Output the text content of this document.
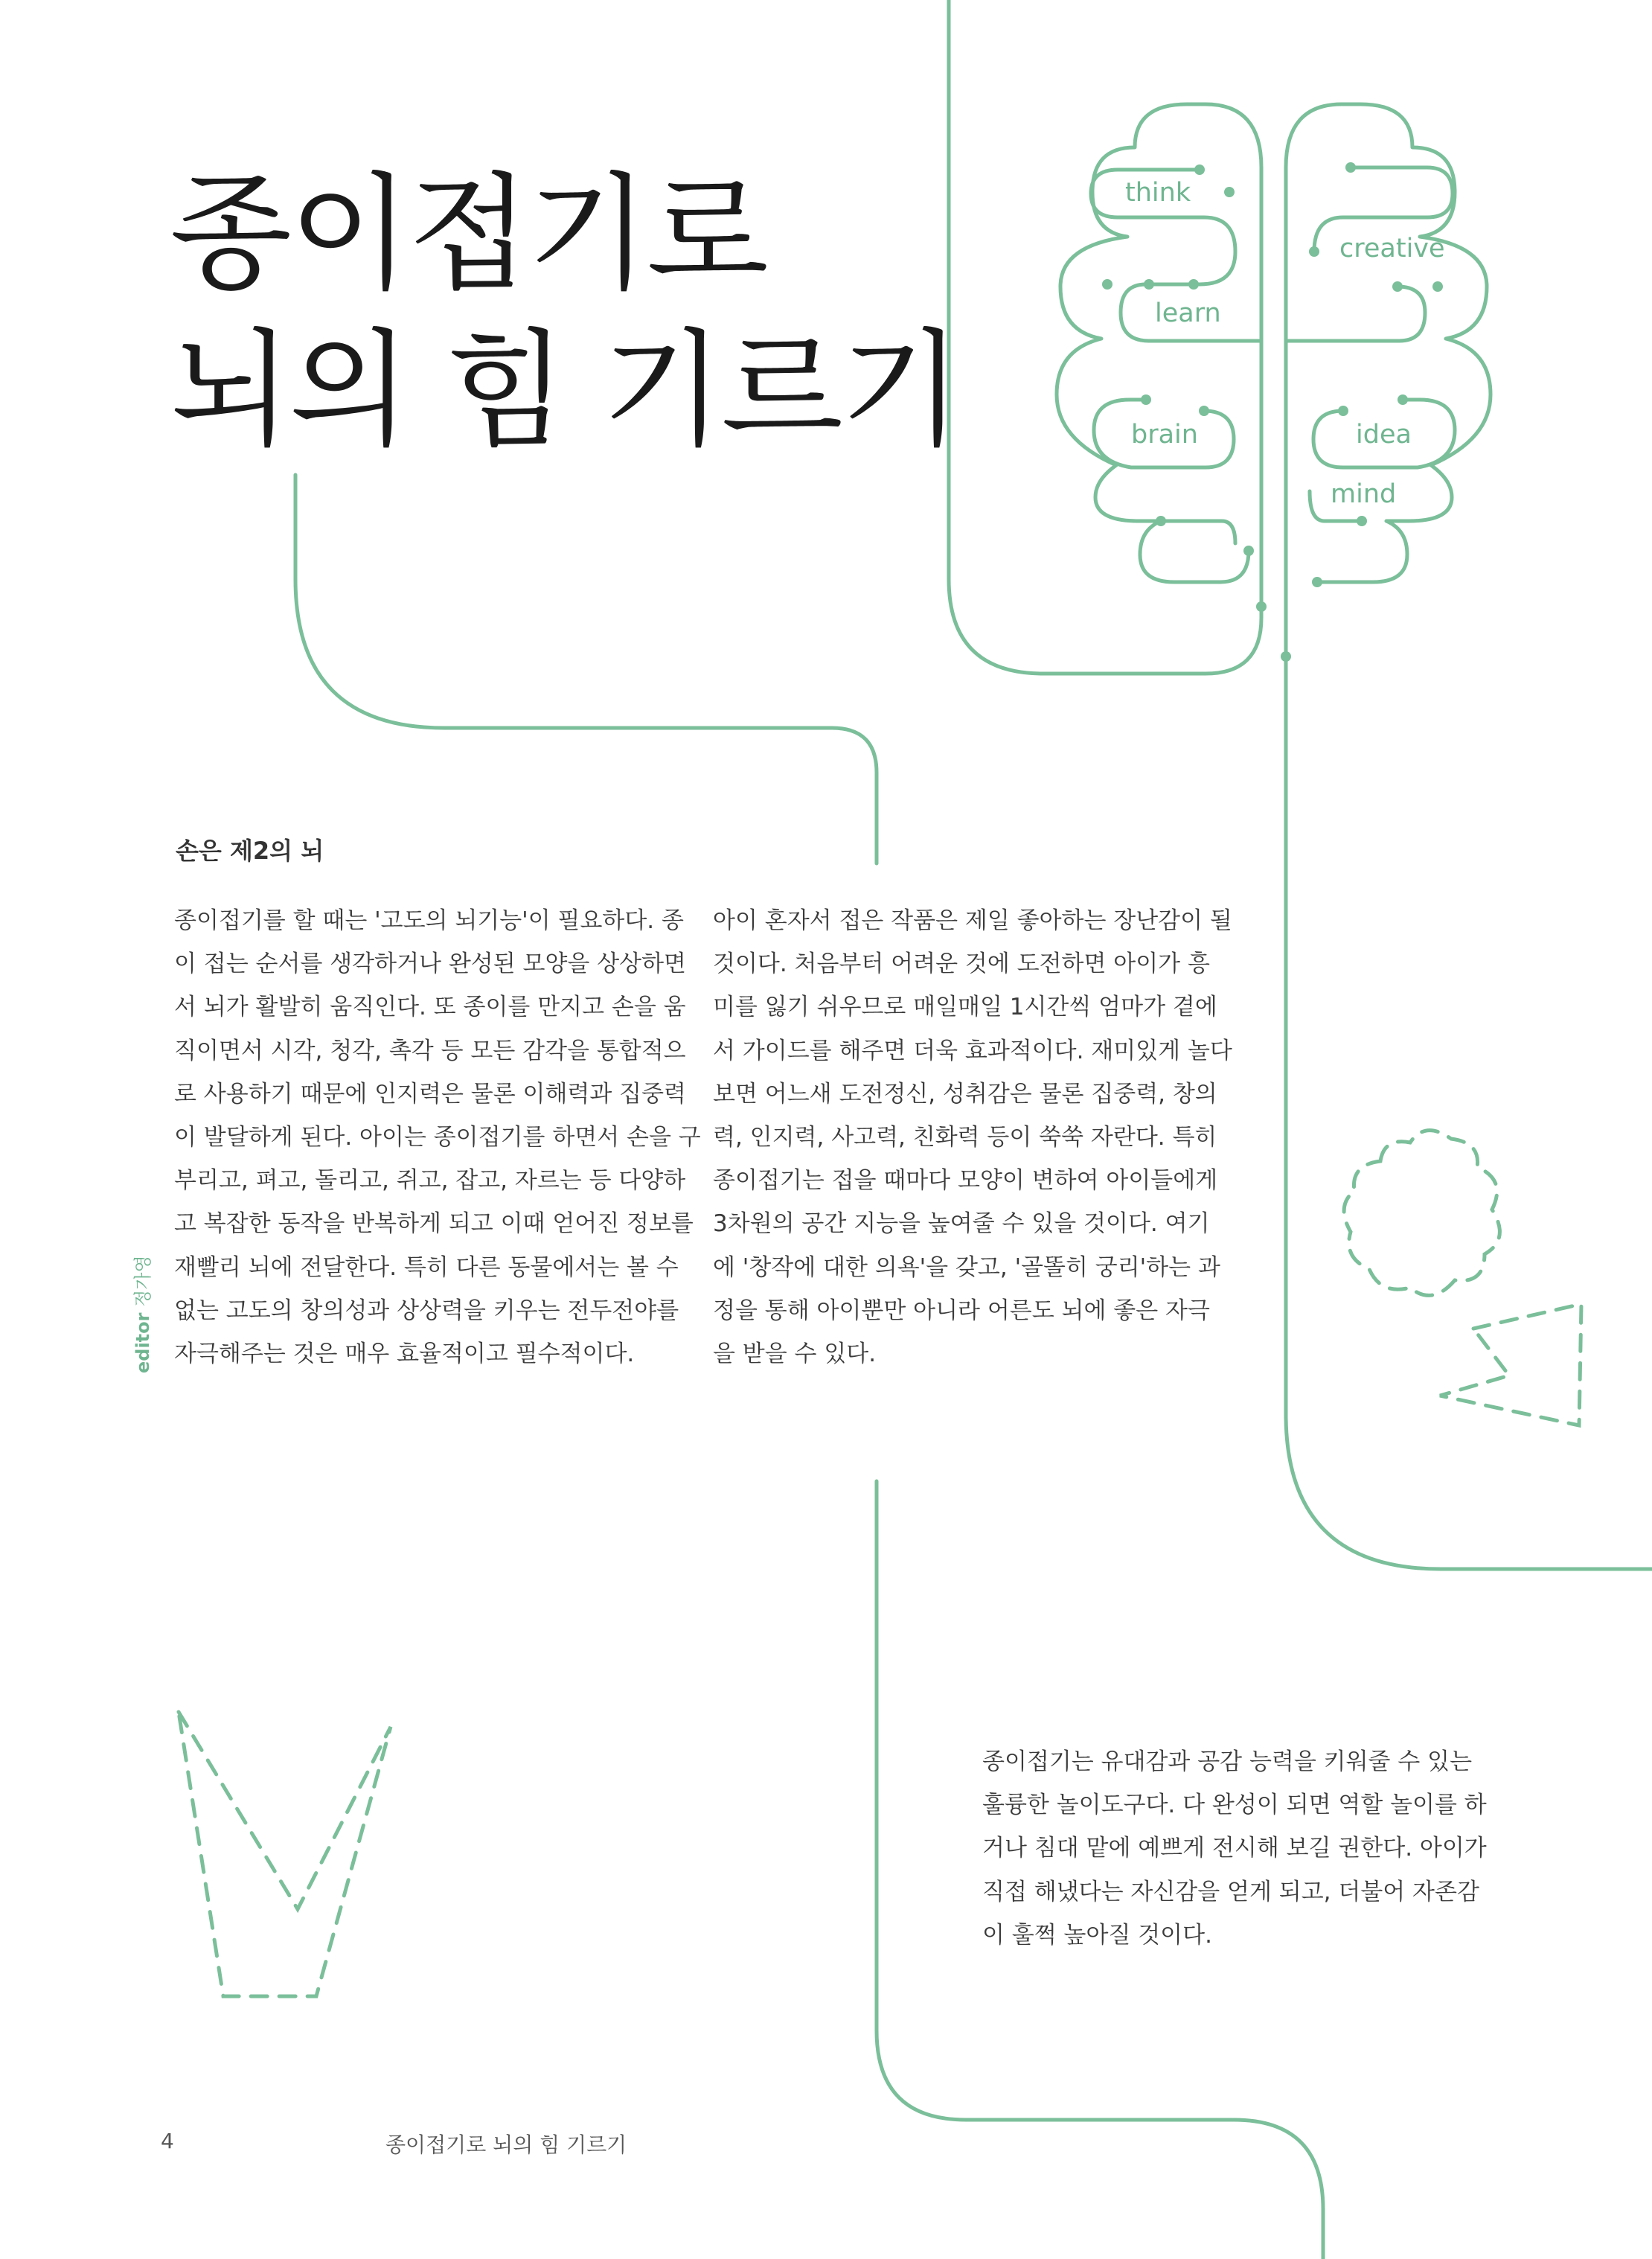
think
creative
learn
brain	idea
mind
종이접기로
뇌의 힘 기르기
손은 제2의 뇌
종이접기를 할 때는 '고도의 뇌기능'이 필요하다. 종
이 접는 순서를 생각하거나 완성된 모양을 상상하면
서 뇌가 활발히 움직인다. 또 종이를 만지고 손을 움
직이면서 시각, 청각, 촉각 등 모든 감각을 통합적으
로 사용하기 때문에 인지력은 물론 이해력과 집중력
이 발달하게 된다. 아이는 종이접기를 하면서 손을 구
부리고, 펴고, 돌리고, 쥐고, 잡고, 자르는 등 다양하
고 복잡한 동작을 반복하게 되고 이때 얻어진 정보를
재빨리 뇌에 전달한다. 특히 다른 동물에서는 볼 수
없는 고도의 창의성과 상상력을 키우는 전두전야를
자극해주는 것은 매우 효율적이고 필수적이다.
아이 혼자서 접은 작품은 제일 좋아하는 장난감이 될
것이다. 처음부터 어려운 것에 도전하면 아이가 흥
미를 잃기 쉬우므로 매일매일 1시간씩 엄마가 곁에
서 가이드를 해주면 더욱 효과적이다. 재미있게 놀다
보면 어느새 도전정신, 성취감은 물론 집중력, 창의
력, 인지력, 사고력, 친화력 등이 쑥쑥 자란다. 특히
종이접기는 접을 때마다 모양이 변하여 아이들에게
3차원의 공간 지능을 높여줄 수 있을 것이다. 여기
에 '창작에 대한 의욕'을 갖고, '골똘히 궁리'하는 과
정을 통해 아이뿐만 아니라 어른도 뇌에 좋은 자극
을 받을 수 있다.
종이접기는 유대감과 공감 능력을 키워줄 수 있는
훌륭한 놀이도구다. 다 완성이 되면 역할 놀이를 하
거나 침대 맡에 예쁘게 전시해 보길 권한다. 아이가
직접 해냈다는 자신감을 얻게 되고, 더불어 자존감
이 훌쩍 높아질 것이다.
editor 정가영
4	종이접기로 뇌의 힘 기르기
